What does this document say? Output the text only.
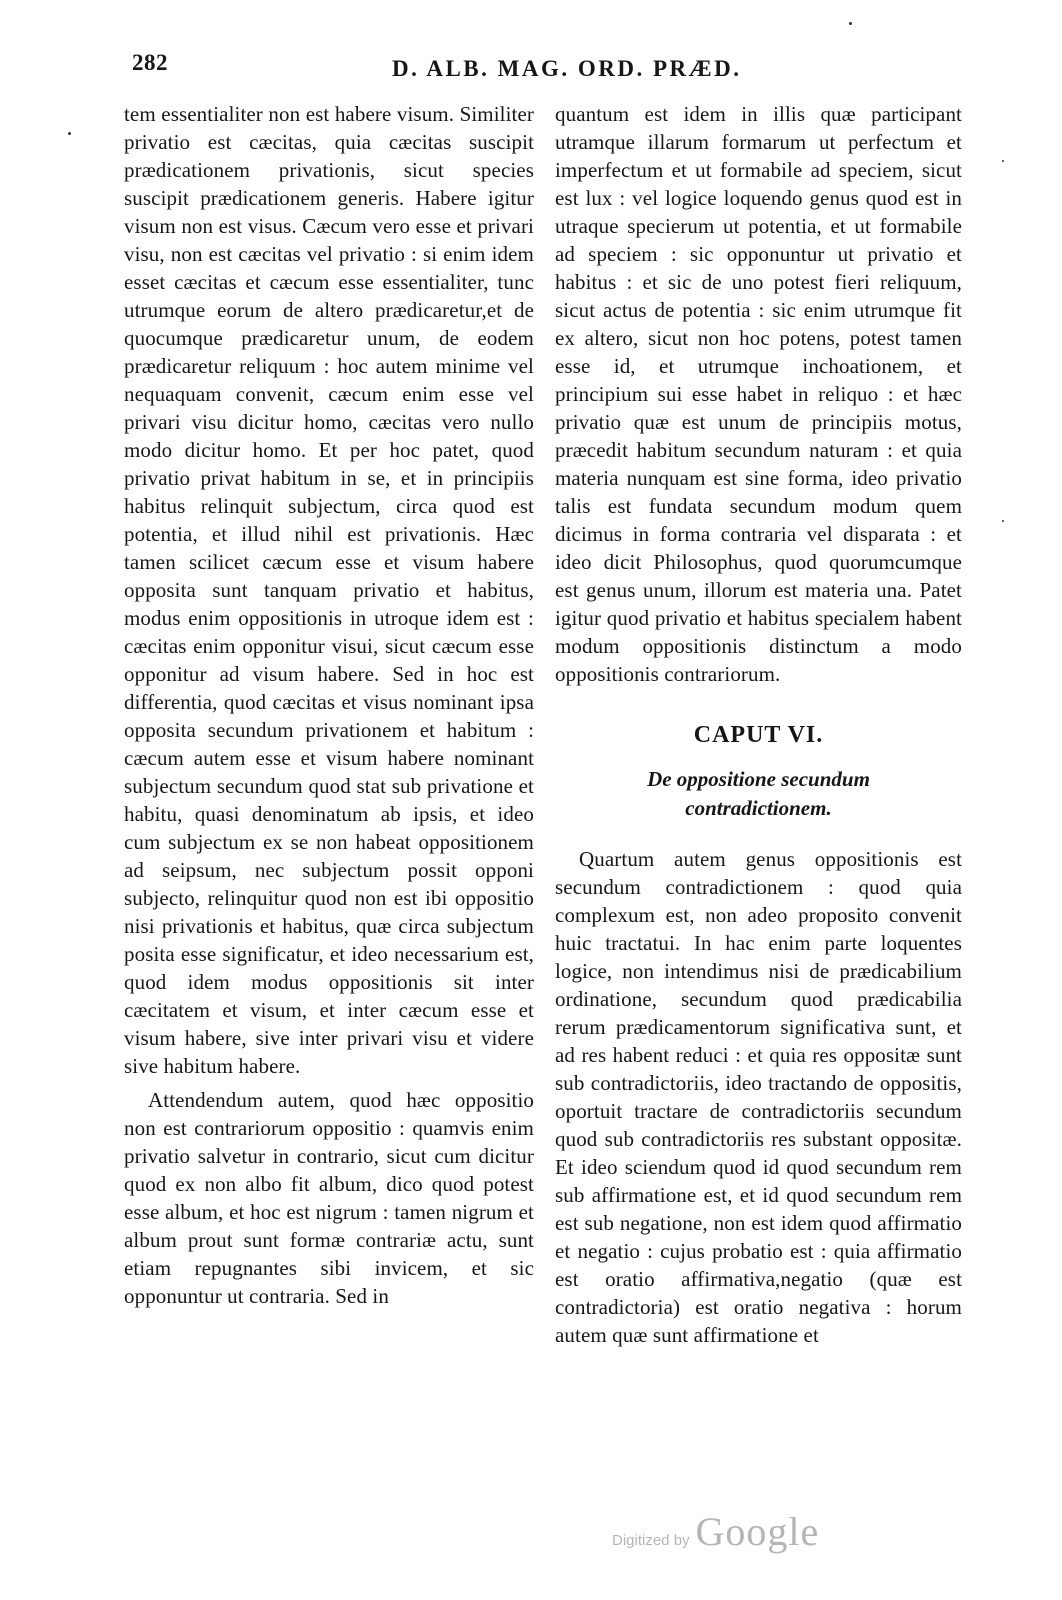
282	D. ALB. MAG. ORD. PRÆD.

tem essentialiter non est habere visum. Similiter privatio est cæcitas, quia cæcitas suscipit prædicationem privationis, sicut species suscipit prædicationem generis. Habere igitur visum non est visus. Cæcum vero esse et privari visu, non est cæcitas vel privatio : si enim idem esset cæcitas et cæcum esse essentialiter, tunc utrumque eorum de altero prædicaretur,et de quocumque prædicaretur unum, de eodem prædicaretur reliquum : hoc autem minime vel nequaquam convenit, cæcum enim esse vel privari visu dicitur homo, cæcitas vero nullo modo dicitur homo. Et per hoc patet, quod privatio privat habitum in se, et in principiis habitus relinquit subjectum, circa quod est potentia, et illud nihil est privationis. Hæc tamen scilicet cæcum esse et visum habere opposita sunt tanquam privatio et habitus, modus enim oppositionis in utroque idem est : cæcitas enim opponitur visui, sicut cæcum esse opponitur ad visum habere. Sed in hoc est differentia, quod cæcitas et visus nominant ipsa opposita secundum privationem et habitum : cæcum autem esse et visum habere nominant subjectum secundum quod stat sub privatione et habitu, quasi denominatum ab ipsis, et ideo cum subjectum ex se non habeat oppositionem ad seipsum, nec subjectum possit opponi subjecto, relinquitur quod non est ibi oppositio nisi privationis et habitus, quæ circa subjectum posita esse significatur, et ideo necessarium est, quod idem modus oppositionis sit inter cæcitatem et visum, et inter cæcum esse et visum habere, sive inter privari visu et videre sive habitum habere.

Attendendum autem, quod hæc oppositio non est contrariorum oppositio : quamvis enim privatio salvetur in contrario, sicut cum dicitur quod ex non albo fit album, dico quod potest esse album, et hoc est nigrum : tamen nigrum et album prout sunt formæ contrariæ actu, sunt etiam repugnantes sibi invicem, et sic opponuntur ut contraria. Sed in

quantum est idem in illis quæ participant utramque illarum formarum ut perfectum et imperfectum et ut formabile ad speciem, sicut est lux : vel logice loquendo genus quod est in utraque specierum ut potentia, et ut formabile ad speciem : sic opponuntur ut privatio et habitus : et sic de uno potest fieri reliquum, sicut actus de potentia : sic enim utrumque fit ex altero, sicut non hoc potens, potest tamen esse id, et utrumque inchoationem, et principium sui esse habet in reliquo : et hæc privatio quæ est unum de principiis motus, præcedit habitum secundum naturam : et quia materia nunquam est sine forma, ideo privatio talis est fundata secundum modum quem dicimus in forma contraria vel disparata : et ideo dicit Philosophus, quod quorumcumque est genus unum, illorum est materia una. Patet igitur quod privatio et habitus specialem habent modum oppositionis distinctum a modo oppositionis contrariorum.

CAPUT VI.
De oppositione secundum contradictionem.

Quartum autem genus oppositionis est secundum contradictionem : quod quia complexum est, non adeo proposito convenit huic tractatui. In hac enim parte loquentes logice, non intendimus nisi de prædicabilium ordinatione, secundum quod prædicabilia rerum prædicamentorum significativa sunt, et ad res habent reduci : et quia res oppositæ sunt sub contradictoriis, ideo tractando de oppositis, oportuit tractare de contradictoriis secundum quod sub contradictoriis res substant oppositæ. Et ideo sciendum quod id quod secundum rem sub affirmatione est, et id quod secundum rem est sub negatione, non est idem quod affirmatio et negatio : cujus probatio est : quia affirmatio est oratio affirmativa,negatio (quæ est contradictoria) est oratio negativa : horum autem quæ sunt affirmatione et

Digitized by Google
